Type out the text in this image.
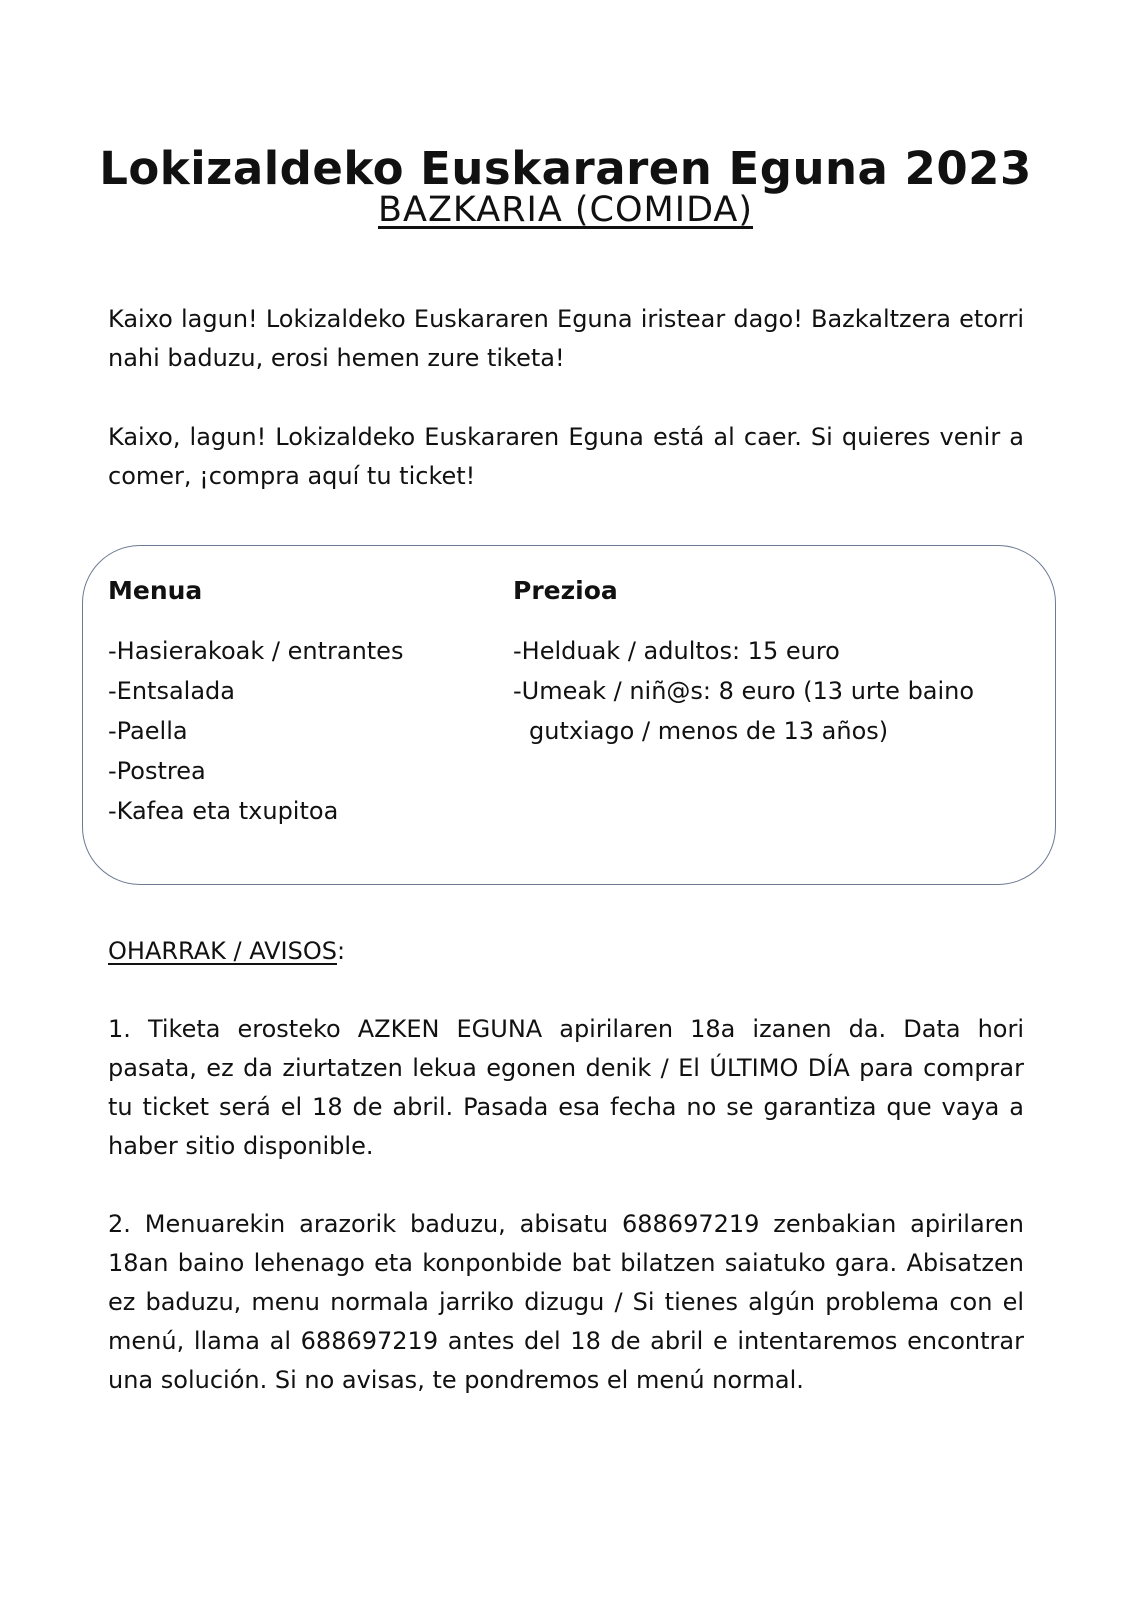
Lokizaldeko Euskararen Eguna 2023
BAZKARIA (COMIDA)

Kaixo lagun! Lokizaldeko Euskararen Eguna iristear dago! Bazkaltzera etorri nahi baduzu, erosi hemen zure tiketa!

Kaixo, lagun! Lokizaldeko Euskararen Eguna está al caer. Si quieres venir a comer, ¡compra aquí tu ticket!

Menua
-Hasierakoak / entrantes
-Entsalada
-Paella
-Postrea
-Kafea eta txupitoa
Prezioa
-Helduak / adultos: 15 euro
-Umeak / niñ@s: 8 euro (13 urte baino gutxiago / menos de 13 años)
OHARRAK / AVISOS:

1. Tiketa erosteko AZKEN EGUNA apirilaren 18a izanen da. Data hori pasata, ez da ziurtatzen lekua egonen denik / El ÚLTIMO DÍA para comprar tu ticket será el 18 de abril. Pasada esa fecha no se garantiza que vaya a haber sitio disponible.

2. Menuarekin arazorik baduzu, abisatu 688697219 zenbakian apirilaren 18an baino lehenago eta konponbide bat bilatzen saiatuko gara. Abisatzen ez baduzu, menu normala jarriko dizugu / Si tienes algún problema con el menú, llama al 688697219 antes del 18 de abril e intentaremos encontrar una solución. Si no avisas, te pondremos el menú normal.
